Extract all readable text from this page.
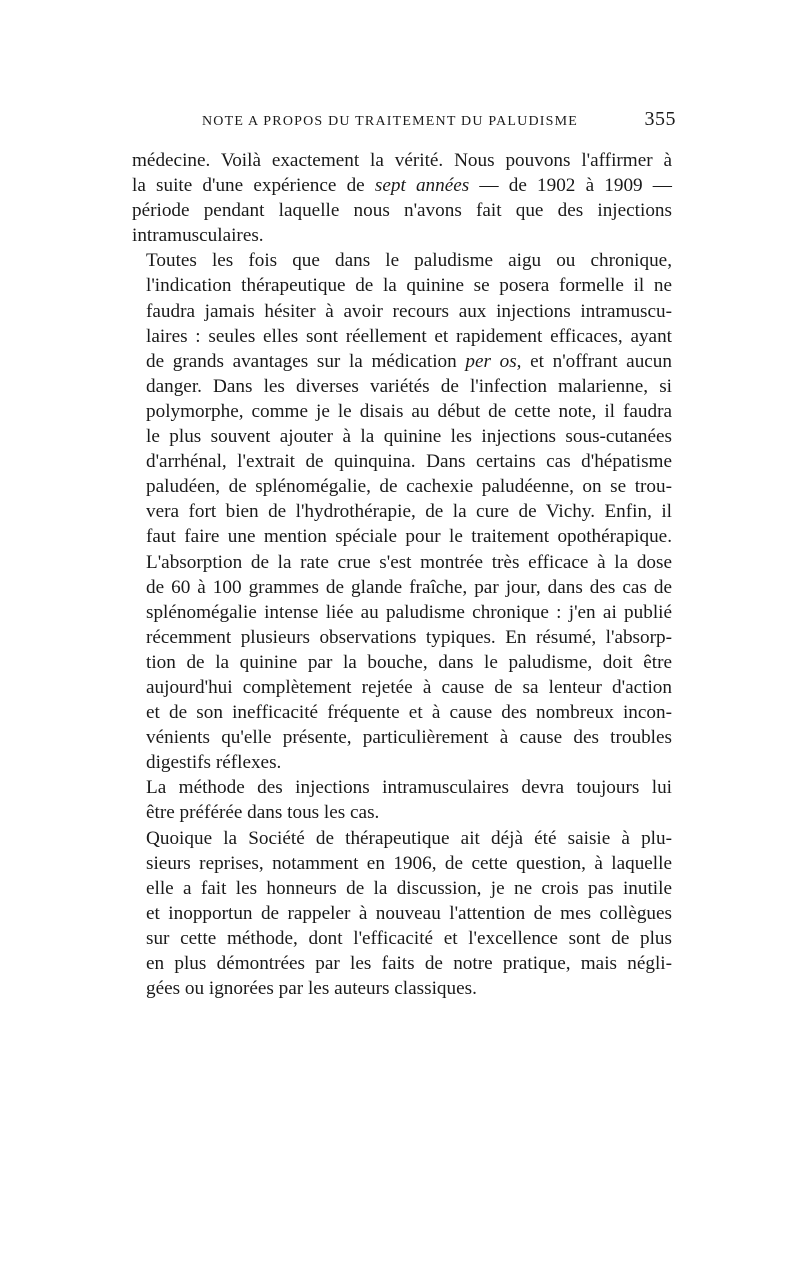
NOTE A PROPOS DU TRAITEMENT DU PALUDISME	355

médecine. Voilà exactement la vérité. Nous pouvons l'affirmer à
la suite d'une expérience de sept années — de 1902 à 1909 —
période pendant laquelle nous n'avons fait que des injections
intramusculaires.

Toutes les fois que dans le paludisme aigu ou chronique,
l'indication thérapeutique de la quinine se posera formelle il ne
faudra jamais hésiter à avoir recours aux injections intramuscu-
laires : seules elles sont réellement et rapidement efficaces, ayant
de grands avantages sur la médication per os, et n'offrant aucun
danger. Dans les diverses variétés de l'infection malarienne, si
polymorphe, comme je le disais au début de cette note, il faudra
le plus souvent ajouter à la quinine les injections sous-cutanées
d'arrhénal, l'extrait de quinquina. Dans certains cas d'hépatisme
paludéen, de splénomégalie, de cachexie paludéenne, on se trou-
vera fort bien de l'hydrothérapie, de la cure de Vichy. Enfin, il
faut faire une mention spéciale pour le traitement opothérapique.
L'absorption de la rate crue s'est montrée très efficace à la dose
de 60 à 100 grammes de glande fraîche, par jour, dans des cas de
splénomégalie intense liée au paludisme chronique : j'en ai publié
récemment plusieurs observations typiques. En résumé, l'absorp-
tion de la quinine par la bouche, dans le paludisme, doit être
aujourd'hui complètement rejetée à cause de sa lenteur d'action
et de son inefficacité fréquente et à cause des nombreux incon-
vénients qu'elle présente, particulièrement à cause des troubles
digestifs réflexes.

La méthode des injections intramusculaires devra toujours lui
être préférée dans tous les cas.

Quoique la Société de thérapeutique ait déjà été saisie à plu-
sieurs reprises, notamment en 1906, de cette question, à laquelle
elle a fait les honneurs de la discussion, je ne crois pas inutile
et inopportun de rappeler à nouveau l'attention de mes collègues
sur cette méthode, dont l'efficacité et l'excellence sont de plus
en plus démontrées par les faits de notre pratique, mais négli-
gées ou ignorées par les auteurs classiques.
